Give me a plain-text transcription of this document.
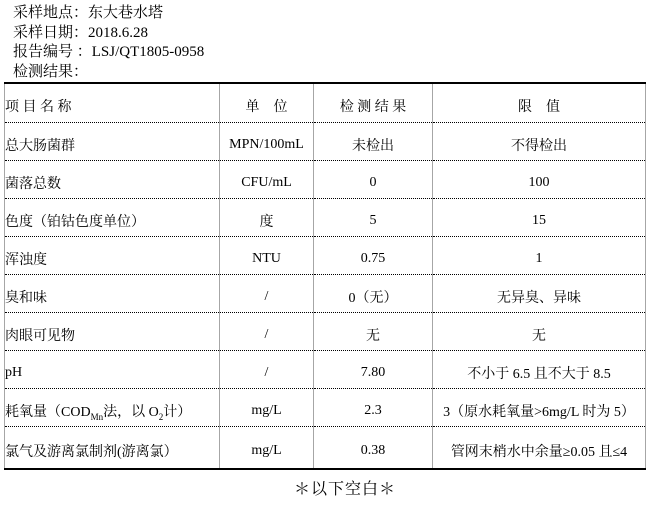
采样地点：东大巷水塔
采样日期：2018.6.28
报告编号 ：LSJ/QT1805-0958
检测结果：
项 目 名 称	单　位	检 测 结 果	限　值
总大肠菌群	MPN/100mL	未检出	不得检出
菌落总数	CFU/mL	0	100
色度（铂钴色度单位）	度	5	15
浑浊度	NTU	0.75	1
臭和味	/	0（无）	无异臭、异味
肉眼可见物	/	无	无
pH	/	7.80	不小于 6.5 且不大于 8.5
耗氧量（$COD_{Mn}$法，以 $O_2$计）	mg/L	2.3	3（原水耗氧量>6mg/L 时为 5）
氯气及游离氯制剂(游离氯）	mg/L	0.38	管网末梢水中余量≥0.05 且≤4
＊以下空白＊
